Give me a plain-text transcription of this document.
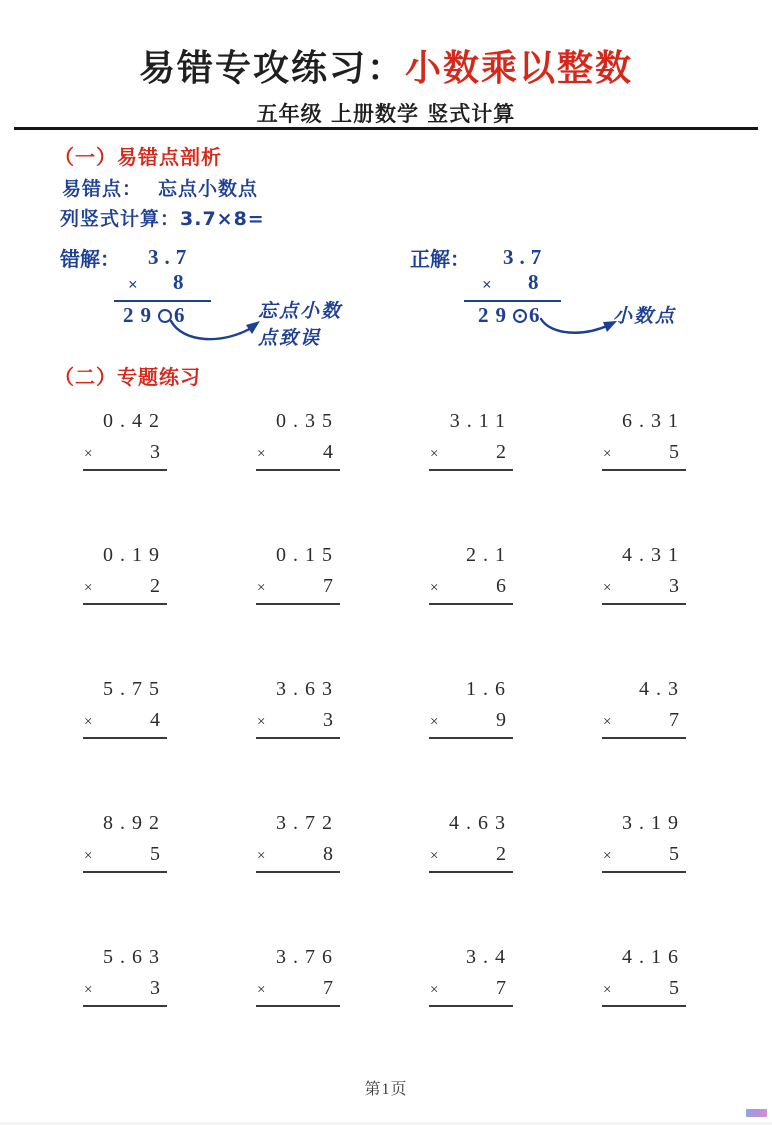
易错专攻练习：小数乘以整数
五年级 上册数学 竖式计算
（一）易错点剖析
易错点： 忘点小数点
列竖式计算：3.7×8=
错解： 3.7
× 8
29 6	忘点小数
点致误
正解： 3.7
× 8
29 6	小数点
（二）专题练习
0.42
×	3
0.35
×	4
3.11
×	2
6.31
×	5
0.19
×	2
0.15
×	7
2.1
×	6
4.31
×	3
5.75
×	4
3.63
×	3
1.6
×	9
4.3
×	7
8.92
×	5
3.72
×	8
4.63
×	2
3.19
×	5
5.63
×	3
3.76
×	7
3.4
×	7
4.16
×	5
第1页
